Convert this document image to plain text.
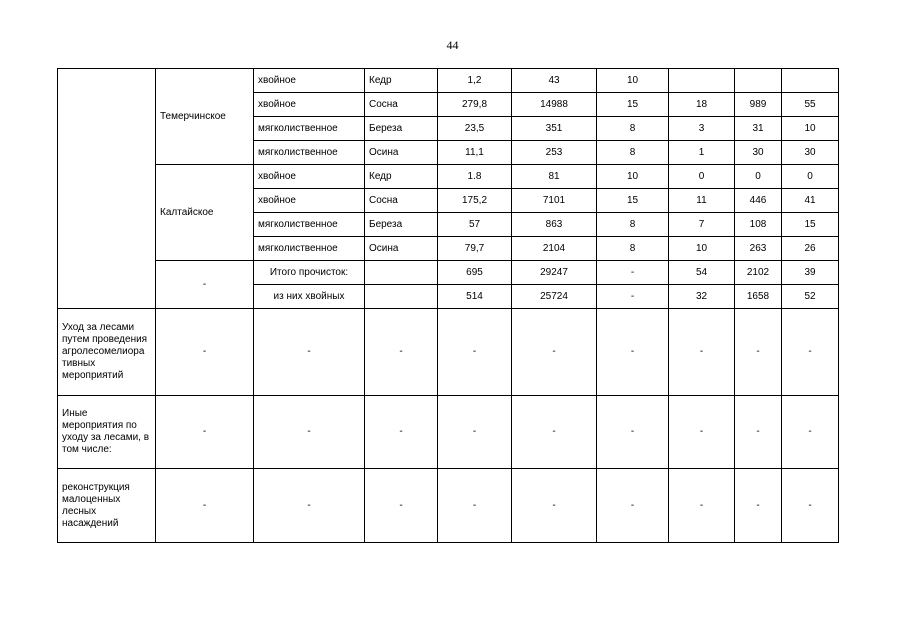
44
	Темерчинское	хвойное	Кедр	1,2	43	10			
		хвойное	Сосна	279,8	14988	15	18	989	55
		мягколиственное	Береза	23,5	351	8	3	31	10
		мягколиственное	Осина	11,1	253	8	1	30	30
	Калтайское	хвойное	Кедр	1.8	81	10	0	0	0
		хвойное	Сосна	175,2	7101	15	11	446	41
		мягколиственное	Береза	57	863	8	7	108	15
		мягколиственное	Осина	79,7	2104	8	10	263	26
	-	Итого прочисток:		695	29247	-	54	2102	39
		из них хвойных		514	25724	-	32	1658	52
Уход за лесами путем проведения агролесомелиора тивных мероприятий	-	-	-	-	-	-	-	-	-
Иные мероприятия по уходу за лесами, в том числе:	-	-	-	-	-	-	-	-	-
реконструкция малоценных лесных насаждений	-	-	-	-	-	-	-	-	-
